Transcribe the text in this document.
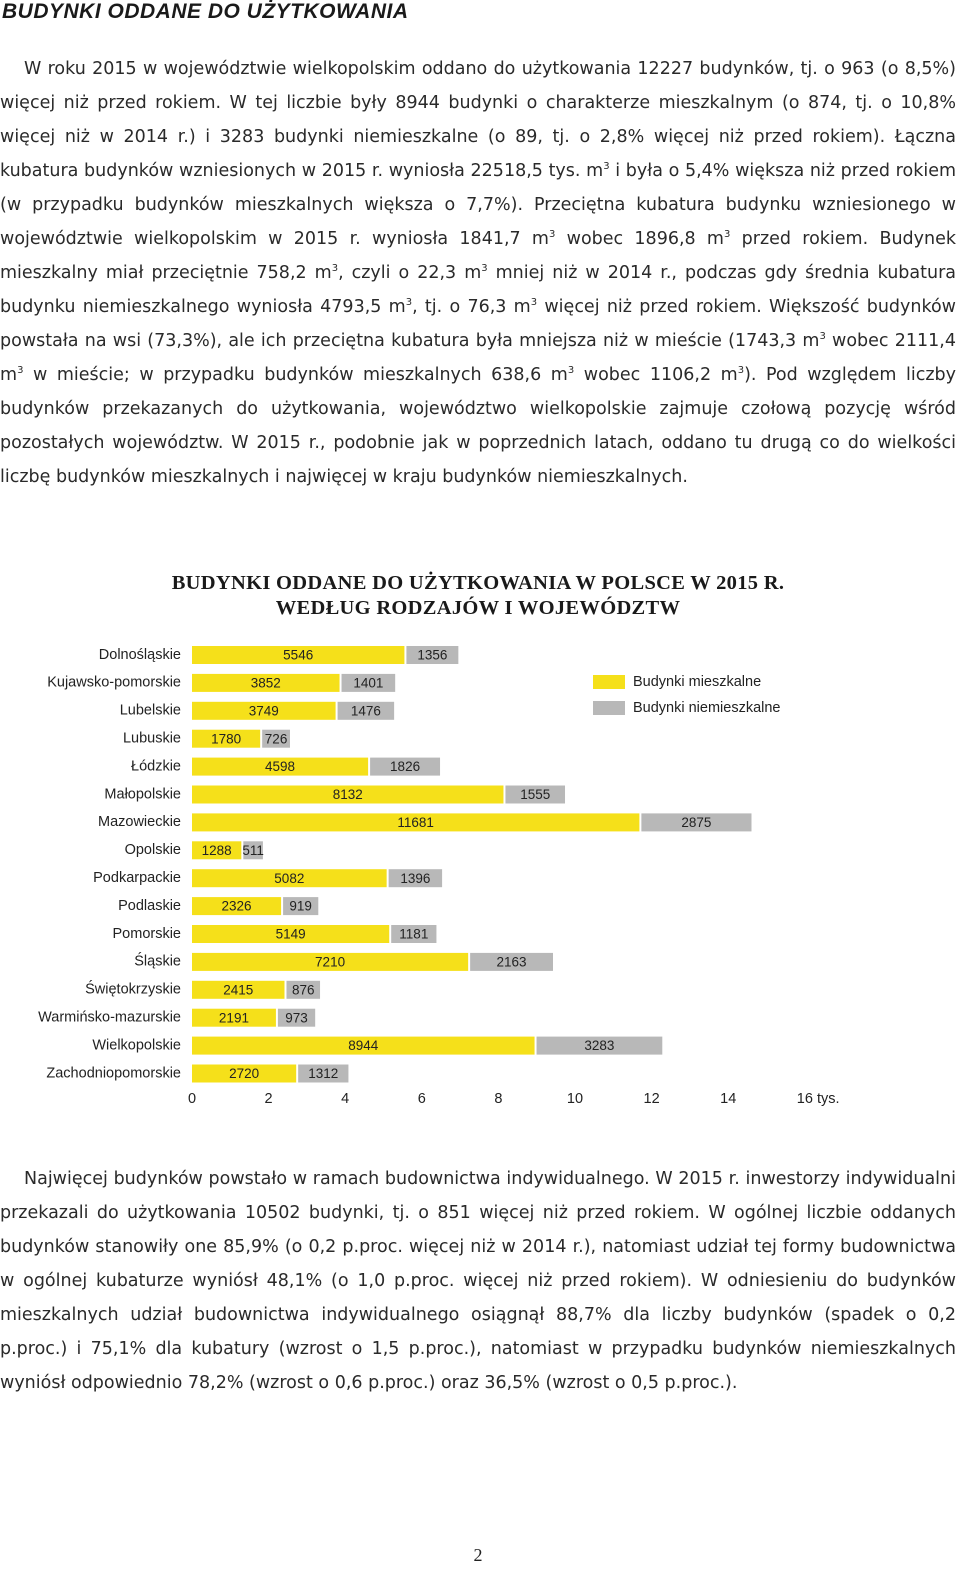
BUDYNKI ODDANE DO UŻYTKOWANIA

W roku 2015 w województwie wielkopolskim oddano do użytkowania 12227 budynków, tj. o 963 (o 8,5%) więcej niż przed rokiem. W tej liczbie były 8944 budynki o charakterze mieszkalnym (o 874, tj. o 10,8% więcej niż w 2014 r.) i 3283 budynki niemieszkalne (o 89, tj. o 2,8% więcej niż przed rokiem). Łączna kubatura budynków wzniesionych w 2015 r. wyniosła 22518,5 tys. $m^3$ i była o 5,4% większa niż przed rokiem (w przypadku budynków mieszkalnych większa o 7,7%). Przeciętna kubatura budynku wzniesionego w województwie wielkopolskim w 2015 r. wyniosła 1841,7 $m^3$ wobec 1896,8 $m^3$ przed rokiem. Budynek mieszkalny miał przeciętnie 758,2 $m^3$, czyli o 22,3 $m^3$ mniej niż w 2014 r., podczas gdy średnia kubatura budynku niemieszkalnego wyniosła 4793,5 $m^3$, tj. o 76,3 $m^3$ więcej niż przed rokiem. Większość budynków powstała na wsi (73,3%), ale ich przeciętna kubatura była mniejsza niż w mieście (1743,3 $m^3$ wobec 2111,4 $m^3$ w mieście; w przypadku budynków mieszkalnych 638,6 $m^3$ wobec 1106,2 $m^3$). Pod względem liczby budynków przekazanych do użytkowania, województwo wielkopolskie zajmuje czołową pozycję wśród pozostałych województw. W 2015 r., podobnie jak w poprzednich latach, oddano tu drugą co do wielkości liczbę budynków mieszkalnych i najwięcej w kraju budynków niemieszkalnych.

BUDYNKI ODDANE DO UŻYTKOWANIA W POLSCE W 2015 R.
WEDŁUG RODZAJÓW I WOJEWÓDZTW
Dolnośląskie	5546	1356
Kujawsko-pomorskie	3852	1401
Lubelskie	3749	1476
Lubuskie 1780 726
Łódzkie	4598	1826
Małopolskie	8132	1555
Mazowieckie	11681	2875
Opolskie 1288 511
Podkarpackie	5082	1396
Podlaskie	2326	919
Pomorskie	5149	1181
Śląskie	7210	2163
Świętokrzyskie	2415	876
Warmińsko-mazurskie	2191	973
Wielkopolskie	8944	3283
Zachodniopomorskie	2720	1312
0	2	4	6	8	10	12	14	16 tys.
Budynki mieszkalne
Budynki niemieszkalne

Najwięcej budynków powstało w ramach budownictwa indywidualnego. W 2015 r. inwestorzy indywidualni przekazali do użytkowania 10502 budynki, tj. o 851 więcej niż przed rokiem. W ogólnej liczbie oddanych budynków stanowiły one 85,9% (o 0,2 p.proc. więcej niż w 2014 r.), natomiast udział tej formy budownictwa w ogólnej kubaturze wyniósł 48,1% (o 1,0 p.proc. więcej niż przed rokiem). W odniesieniu do budynków mieszkalnych udział budownictwa indywidualnego osiągnął 88,7% dla liczby budynków (spadek o 0,2 p.proc.) i 75,1% dla kubatury (wzrost o 1,5 p.proc.), natomiast w przypadku budynków niemieszkalnych wyniósł odpowiednio 78,2% (wzrost o 0,6 p.proc.) oraz 36,5% (wzrost o 0,5 p.proc.).

2
